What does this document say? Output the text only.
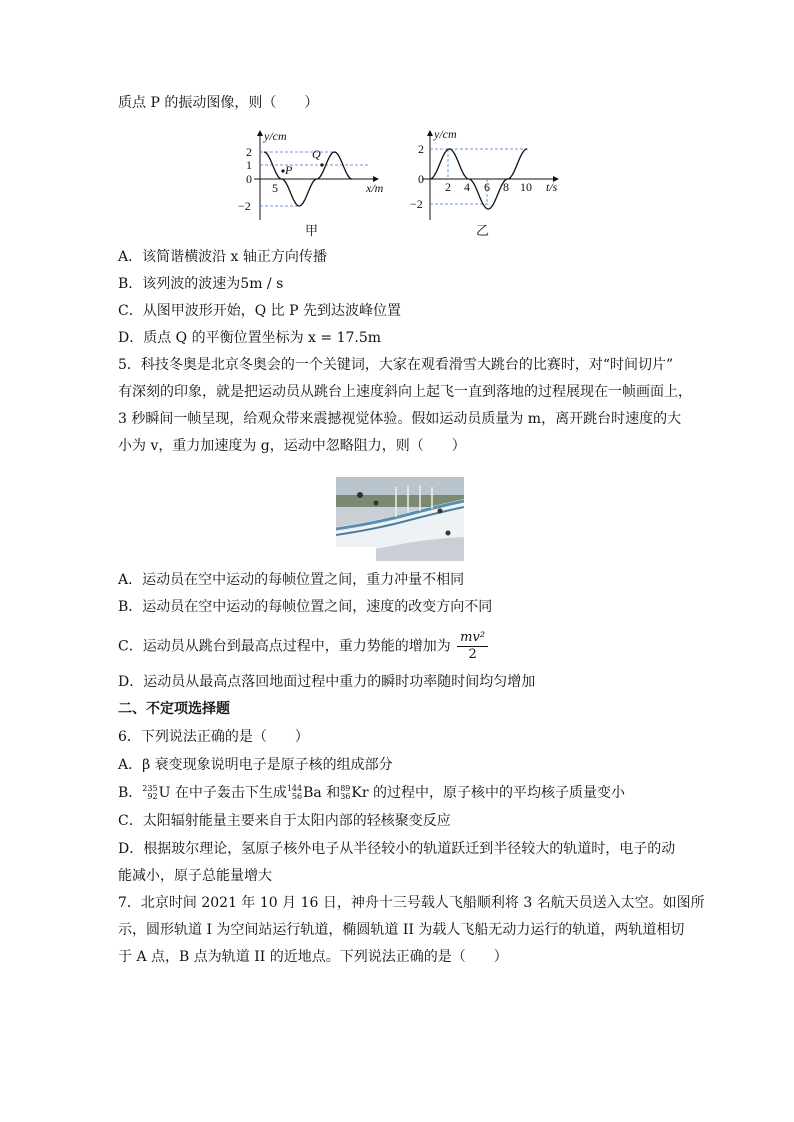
质点 P 的振动图像，则（　　）
y/cm
x/m
2
1
0
−2
5
P
Q
甲
y/cm
t/s
2
0
−2
2 4 6 8 10
乙
A．该简谐横波沿 x 轴正方向传播
B．该列波的波速为5m / s
C．从图甲波形开始，Q 比 P 先到达波峰位置
D．质点 Q 的平衡位置坐标为 x = 17.5m
5．科技冬奥是北京冬奥会的一个关键词，大家在观看滑雪大跳台的比赛时，对“时间切片”
有深刻的印象，就是把运动员从跳台上速度斜向上起飞一直到落地的过程展现在一帧画面上，
3 秒瞬间一帧呈现，给观众带来震撼视觉体验。假如运动员质量为 m，离开跳台时速度的大
小为 v，重力加速度为 g，运动中忽略阻力，则（　　）
A．运动员在空中运动的每帧位置之间，重力冲量不相同
B．运动员在空中运动的每帧位置之间，速度的改变方向不同
C．运动员从跳台到最高点过程中，重力势能的增加为 $\frac{\text{mv²}}{2}$
D．运动员从最高点落回地面过程中重力的瞬时功率随时间均匀增加
二、不定项选择题
6．下列说法正确的是（　　）
A．β 衰变现象说明电子是原子核的组成部分
B． 235
92 U 在中子轰击下生成 144
56 Ba 和 89
36 Kr 的过程中，原子核中的平均核子质量变小
C．太阳辐射能量主要来自于太阳内部的轻核聚变反应
D．根据玻尔理论，氢原子核外电子从半径较小的轨道跃迁到半径较大的轨道时，电子的动
能减小，原子总能量增大
7．北京时间 2021 年 10 月 16 日，神舟十三号载人飞船顺利将 3 名航天员送入太空。如图所
示，圆形轨道 I 为空间站运行轨道，椭圆轨道 II 为载人飞船无动力运行的轨道，两轨道相切
于 A 点，B 点为轨道 II 的近地点。下列说法正确的是（　　）
